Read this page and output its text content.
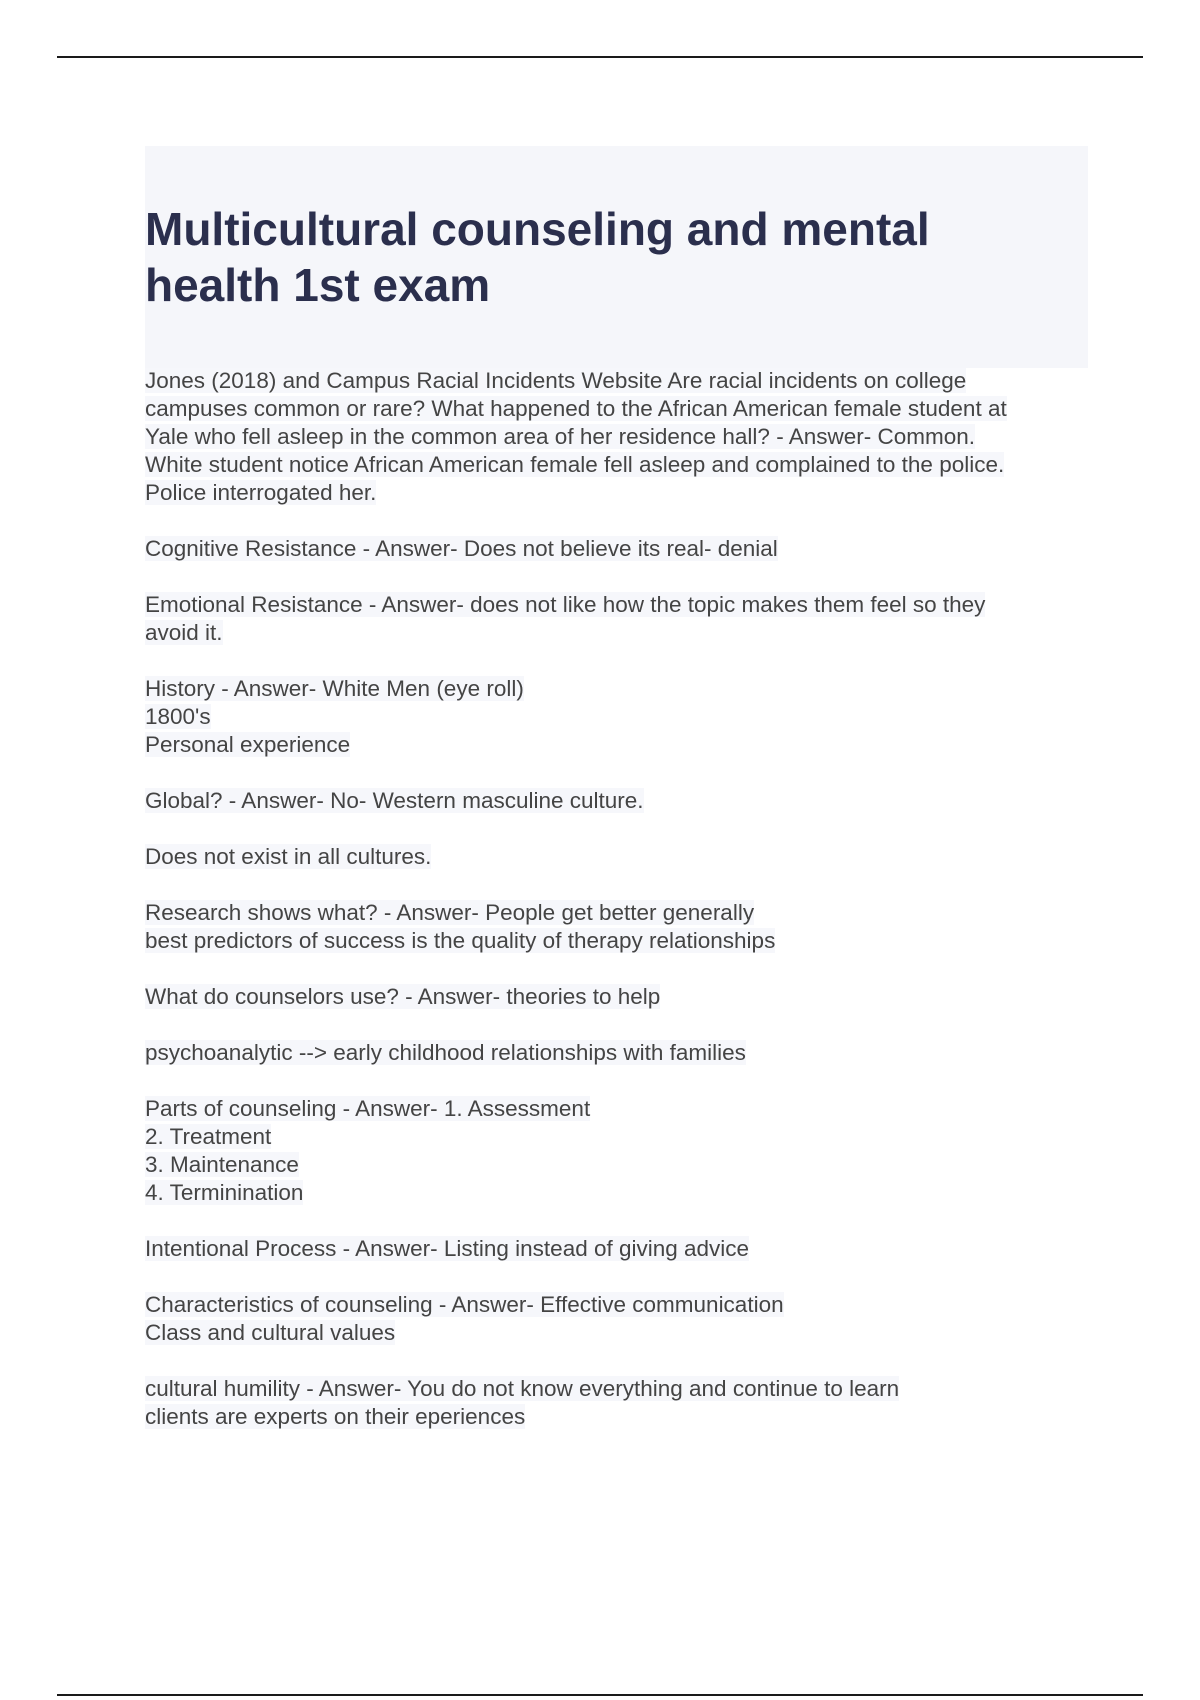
Multicultural counseling and mental health 1st exam
Jones (2018) and Campus Racial Incidents Website Are racial incidents on college
campuses common or rare? What happened to the African American female student at
Yale who fell asleep in the common area of her residence hall? - Answer- Common.
White student notice African American female fell asleep and complained to the police.
Police interrogated her.
Cognitive Resistance - Answer- Does not believe its real- denial
Emotional Resistance - Answer- does not like how the topic makes them feel so they
avoid it.
History - Answer- White Men (eye roll)
1800's
Personal experience
Global? - Answer- No- Western masculine culture.
Does not exist in all cultures.
Research shows what? - Answer- People get better generally
best predictors of success is the quality of therapy relationships
What do counselors use? - Answer- theories to help
psychoanalytic --> early childhood relationships with families
Parts of counseling - Answer- 1. Assessment
2. Treatment
3. Maintenance
4. Terminination
Intentional Process - Answer- Listing instead of giving advice
Characteristics of counseling - Answer- Effective communication
Class and cultural values
cultural humility - Answer- You do not know everything and continue to learn
clients are experts on their eperiences
